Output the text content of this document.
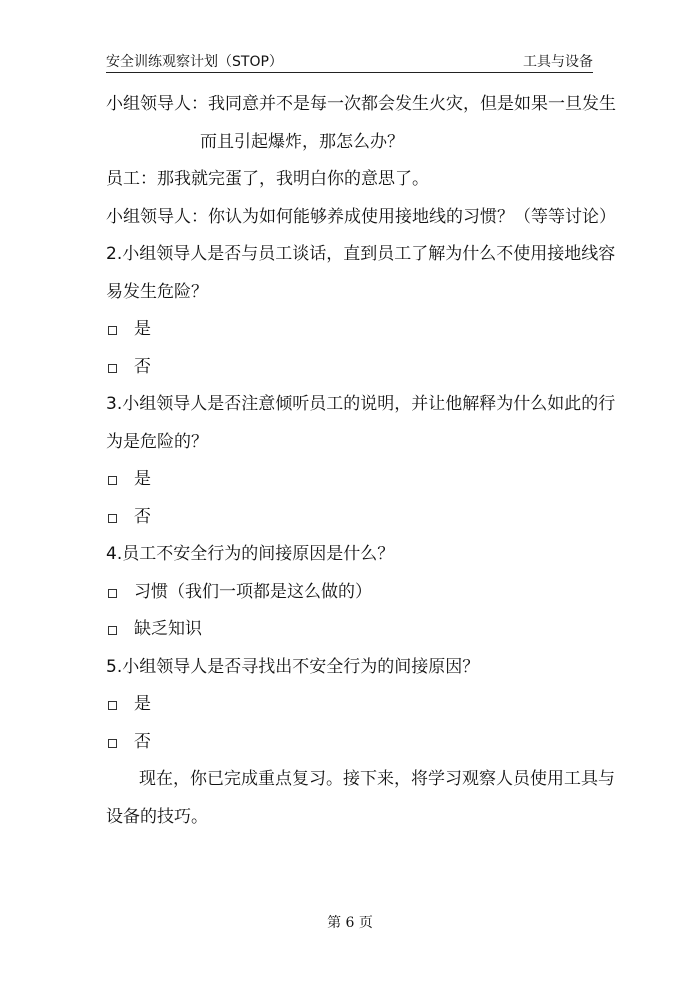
安全训练观察计划（STOP）	工具与设备
小组领导人：我同意并不是每一次都会发生火灾，但是如果一旦发生
而且引起爆炸，那怎么办？
员工：那我就完蛋了，我明白你的意思了。
小组领导人：你认为如何能够养成使用接地线的习惯？（等等讨论）
2.小组领导人是否与员工谈话，直到员工了解为什么不使用接地线容
易发生危险？
是
否
3.小组领导人是否注意倾听员工的说明，并让他解释为什么如此的行
为是危险的？
是
否
4.员工不安全行为的间接原因是什么？
习惯（我们一项都是这么做的）
缺乏知识
5.小组领导人是否寻找出不安全行为的间接原因？
是
否
现在，你已完成重点复习。接下来，将学习观察人员使用工具与
设备的技巧。
第 6 页
